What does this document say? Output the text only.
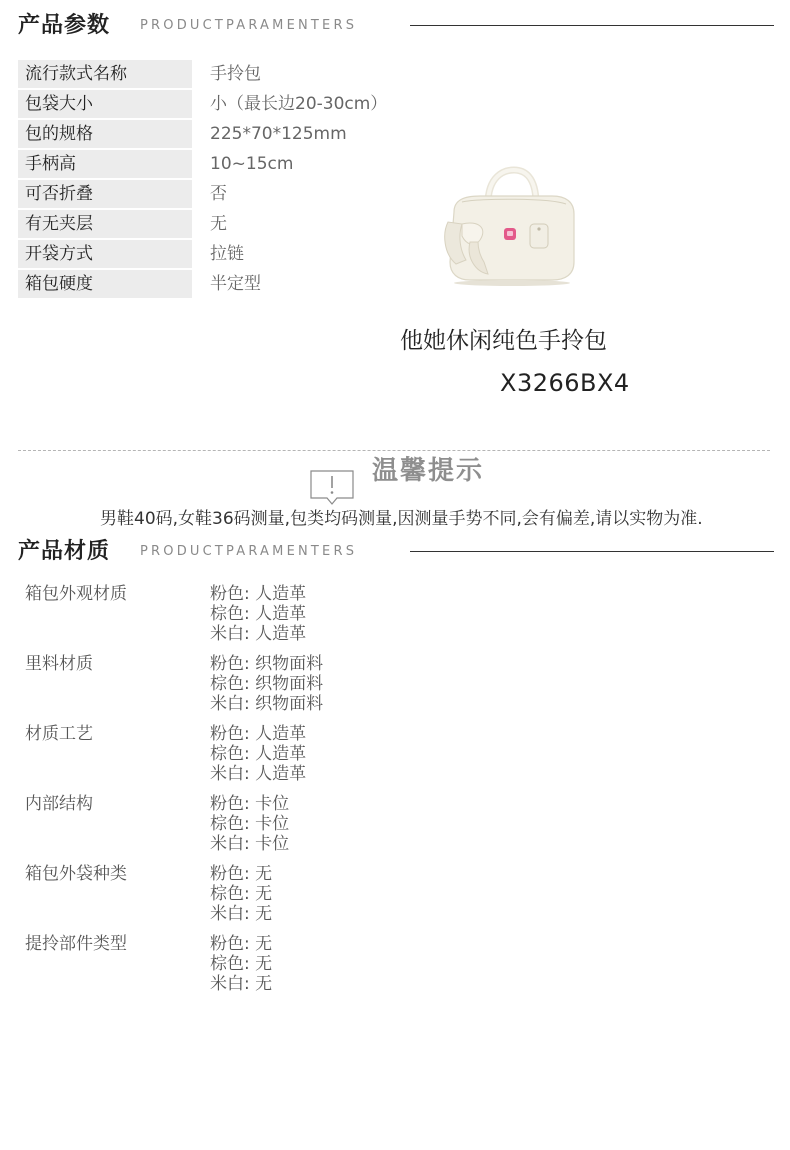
产品参数 PRODUCTPARAMENTERS
流行款式名称	手拎包
包袋大小	小（最长边20-30cm）
包的规格	225*70*125mm
手柄高	10~15cm
可否折叠	否
有无夹层	无
开袋方式	拉链
箱包硬度	半定型
他她休闲纯色手拎包
X3266BX4
温馨提示
男鞋40码,女鞋36码测量,包类均码测量,因测量手势不同,会有偏差,请以实物为准.
产品材质 PRODUCTPARAMENTERS
箱包外观材质	粉色: 人造革
棕色: 人造革
米白: 人造革
里料材质	粉色: 织物面料
棕色: 织物面料
米白: 织物面料
材质工艺	粉色: 人造革
棕色: 人造革
米白: 人造革
内部结构	粉色: 卡位
棕色: 卡位
米白: 卡位
箱包外袋种类	粉色: 无
棕色: 无
米白: 无
提拎部件类型	粉色: 无
棕色: 无
米白: 无
